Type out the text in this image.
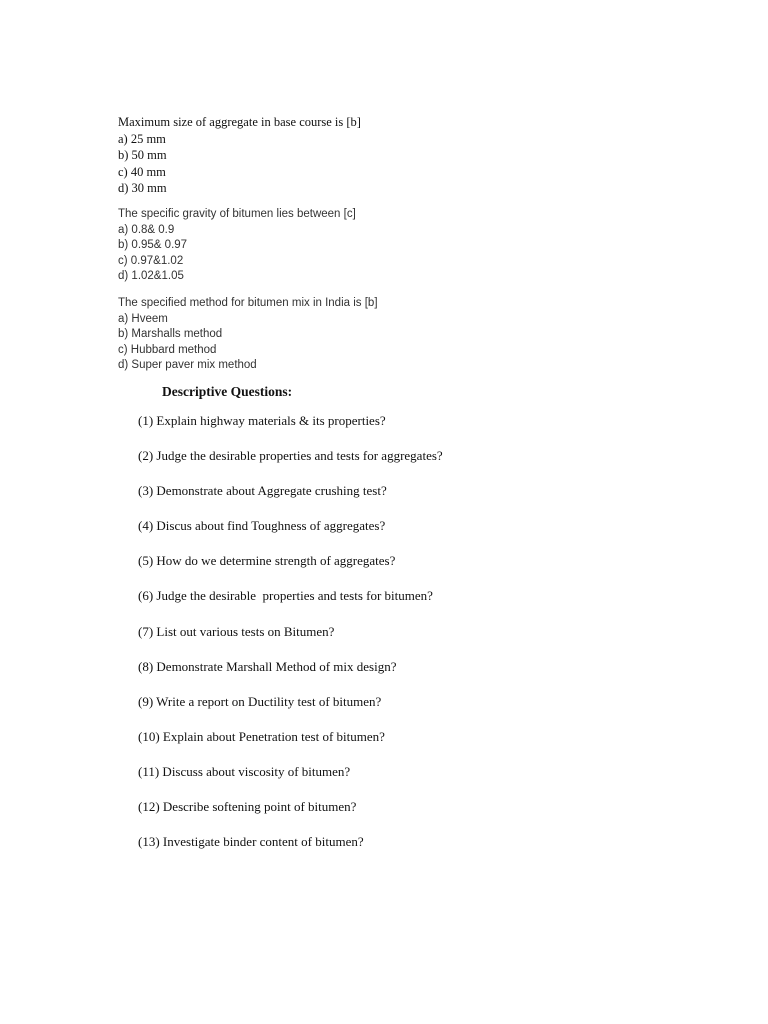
Maximum size of aggregate in base course is [b]
a) 25 mm
b) 50 mm
c) 40 mm
d) 30 mm
The specific gravity of bitumen lies between [c]
a) 0.8& 0.9
b) 0.95& 0.97
c) 0.97&1.02
d) 1.02&1.05
The specified method for bitumen mix in India is [b]
a) Hveem
b) Marshalls method
c) Hubbard method
d) Super paver mix method
Descriptive Questions:
(1) Explain highway materials & its properties?
(2) Judge the desirable properties and tests for aggregates?
(3) Demonstrate about Aggregate crushing test?
(4) Discus about find Toughness of aggregates?
(5) How do we determine strength of aggregates?
(6) Judge the desirable  properties and tests for bitumen?
(7) List out various tests on Bitumen?
(8) Demonstrate Marshall Method of mix design?
(9) Write a report on Ductility test of bitumen?
(10) Explain about Penetration test of bitumen?
(11) Discuss about viscosity of bitumen?
(12) Describe softening point of bitumen?
(13) Investigate binder content of bitumen?
